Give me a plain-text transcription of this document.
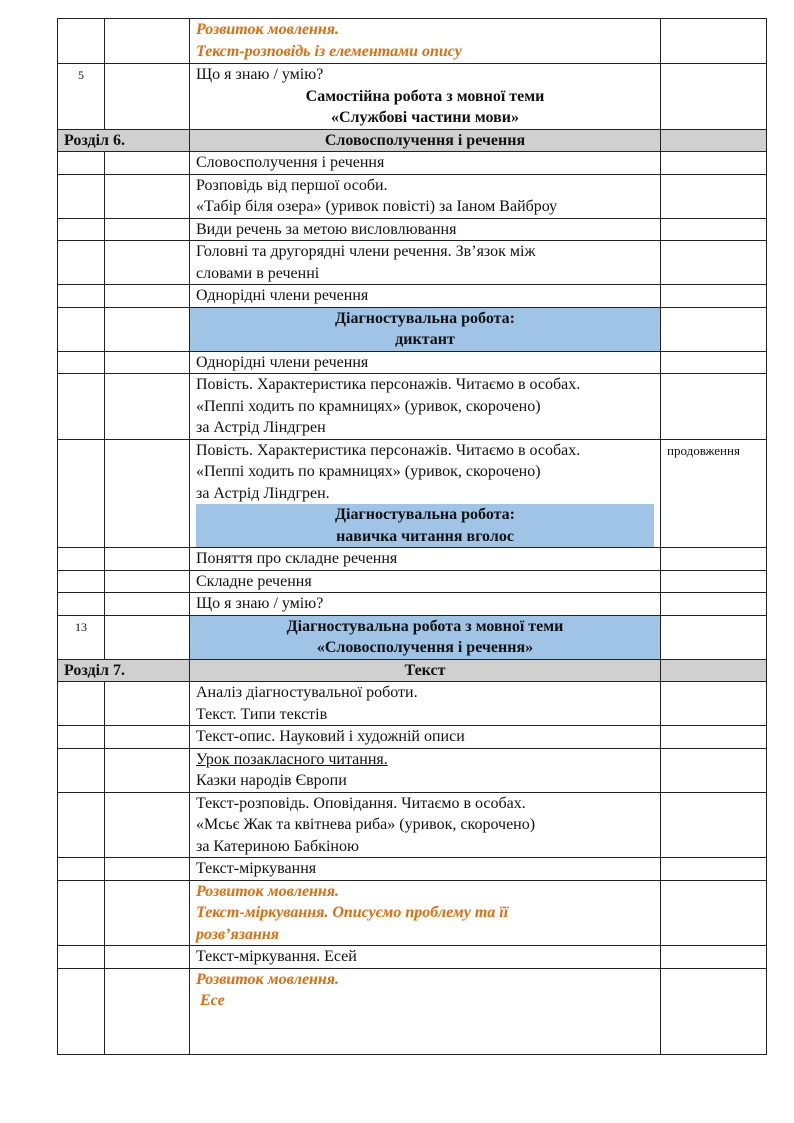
		Розвиток мовлення.
Текст-розповідь із елементами опису	

5		Що я знаю / умію?
Самостійна робота з мовної теми
«Службові частини мови»	

Розділ 6.		Словосполучення і речення	
		Словосполучення і речення	

		Розповідь від першої особи.
«Табір біля озера» (уривок повісті) за Іаном Вайброу	

		Види речень за метою висловлювання	

		Головні та другорядні члени речення. Зв’язок між
словами в реченні	

		Однорідні члени речення	

		Діагностувальна робота:
диктант	

		Однорідні члени речення	

		Повість. Характеристика персонажів. Читаємо в особах.
«Пеппі ходить по крамницях» (уривок, скорочено)
за Астрід Ліндгрен	

		Повість. Характеристика персонажів. Читаємо в особах.
«Пеппі ходить по крамницях» (уривок, скорочено)
за Астрід Ліндгрен.
Діагностувальна робота:
навичка читання вголос	продовження
		Поняття про складне речення	
		Складне речення	
		Що я знаю / умію?	
13		Діагностувальна робота з мовної теми
«Словосполучення і речення»	

Розділ 7.		Текст	

		Аналіз діагностувальної роботи.
Текст. Типи текстів	

		Текст-опис. Науковий і художній описи	

		Урок позакласного читання.
Казки народів Європи	

		Текст-розповідь. Оповідання. Читаємо в особах.
«Мсьє Жак та квітнева риба» (уривок, скорочено)
за Катериною Бабкіною	

		Текст-міркування	

		Розвиток мовлення.
Текст-міркування. Описуємо проблему та її
розв’язання	

		Текст-міркування. Есей	

		Розвиток мовлення.
Есе	
